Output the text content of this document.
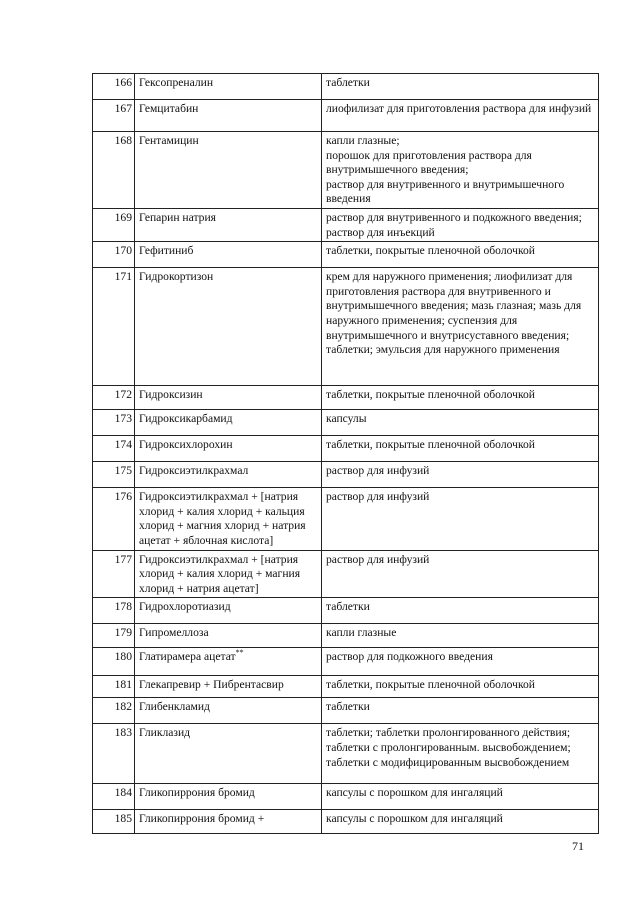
166	Гексопреналин	таблетки
167	Гемцитабин	лиофилизат для приготовления раствора для инфузий
168	Гентамицин	капли глазные;
порошок для приготовления раствора для внутримышечного введения;
раствор для внутривенного и внутримышечного введения
169	Гепарин натрия	раствор для внутривенного и подкожного введения; раствор для инъекций
170	Гефитиниб	таблетки, покрытые пленочной оболочкой
171	Гидрокортизон	крем для наружного применения; лиофилизат для приготовления раствора для внутривенного и внутримышечного введения; мазь глазная; мазь для наружного применения; суспензия для внутримышечного и внутрисуставного введения; таблетки; эмульсия для наружного применения
172	Гидроксизин	таблетки, покрытые пленочной оболочкой
173	Гидроксикарбамид	капсулы
174	Гидроксихлорохин	таблетки, покрытые пленочной оболочкой
175	Гидроксиэтилкрахмал	раствор для инфузий
176	Гидроксиэтилкрахмал + [натрия хлорид + калия хлорид + кальция хлорид + магния хлорид + натрия ацетат + яблочная кислота]	раствор для инфузий
177	Гидроксиэтилкрахмал + [натрия хлорид + калия хлорид + магния хлорид + натрия ацетат]	раствор для инфузий
178	Гидрохлоротиазид	таблетки
179	Гипромеллоза	капли глазные
180	Глатирамера ацетат**	раствор для подкожного введения
181	Глекапревир + Пибрентасвир	таблетки, покрытые пленочной оболочкой
182	Глибенкламид	таблетки
183	Гликлазид	таблетки; таблетки пролонгированного действия; таблетки с пролонгированным. высвобождением; таблетки с модифицированным высвобождением
184	Гликопиррония бромид	капсулы с порошком для ингаляций
185	Гликопиррония бромид +	капсулы с порошком для ингаляций
71
